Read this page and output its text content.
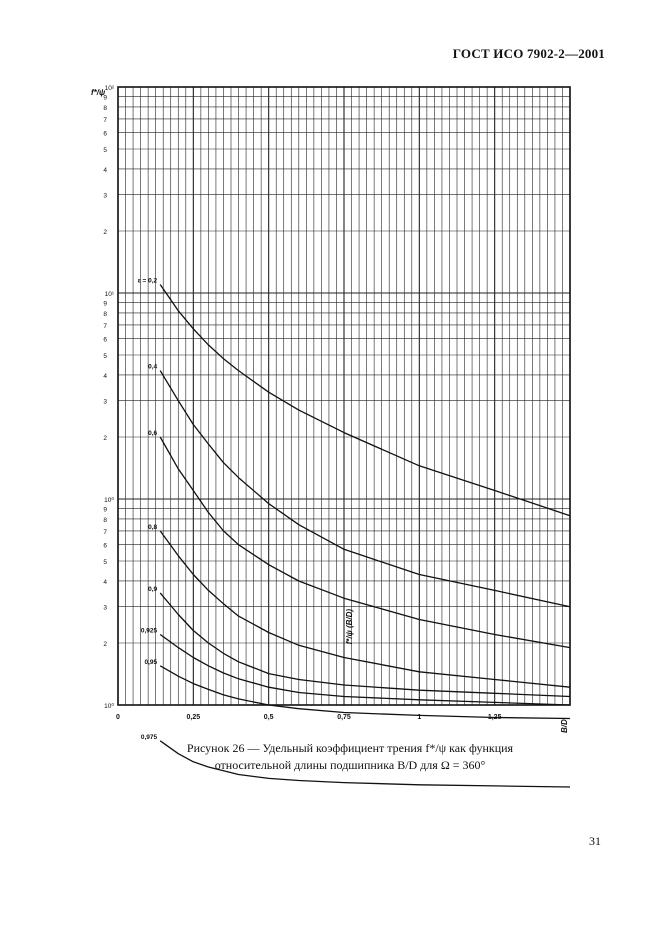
ГОСТ ИСО 7902-2—2001
2
3
4
5
6
7
8
9
2
3
4
5
6
7
8
9
2
3
4
5
6
7
8
9
10⁰
10⁰
10¹
10²
0	0,25	0,5	0,75	1	1,25
f*/ψ
B/D
f*/ψ (B/D)
ε = 0,2
0,4
0,6
0,8
0,9
0,925
0,95
0,975
Рисунок 26 — Удельный коэффициент трения f*/ψ как функция
относительной длины подшипника B/D для Ω = 360°
31
